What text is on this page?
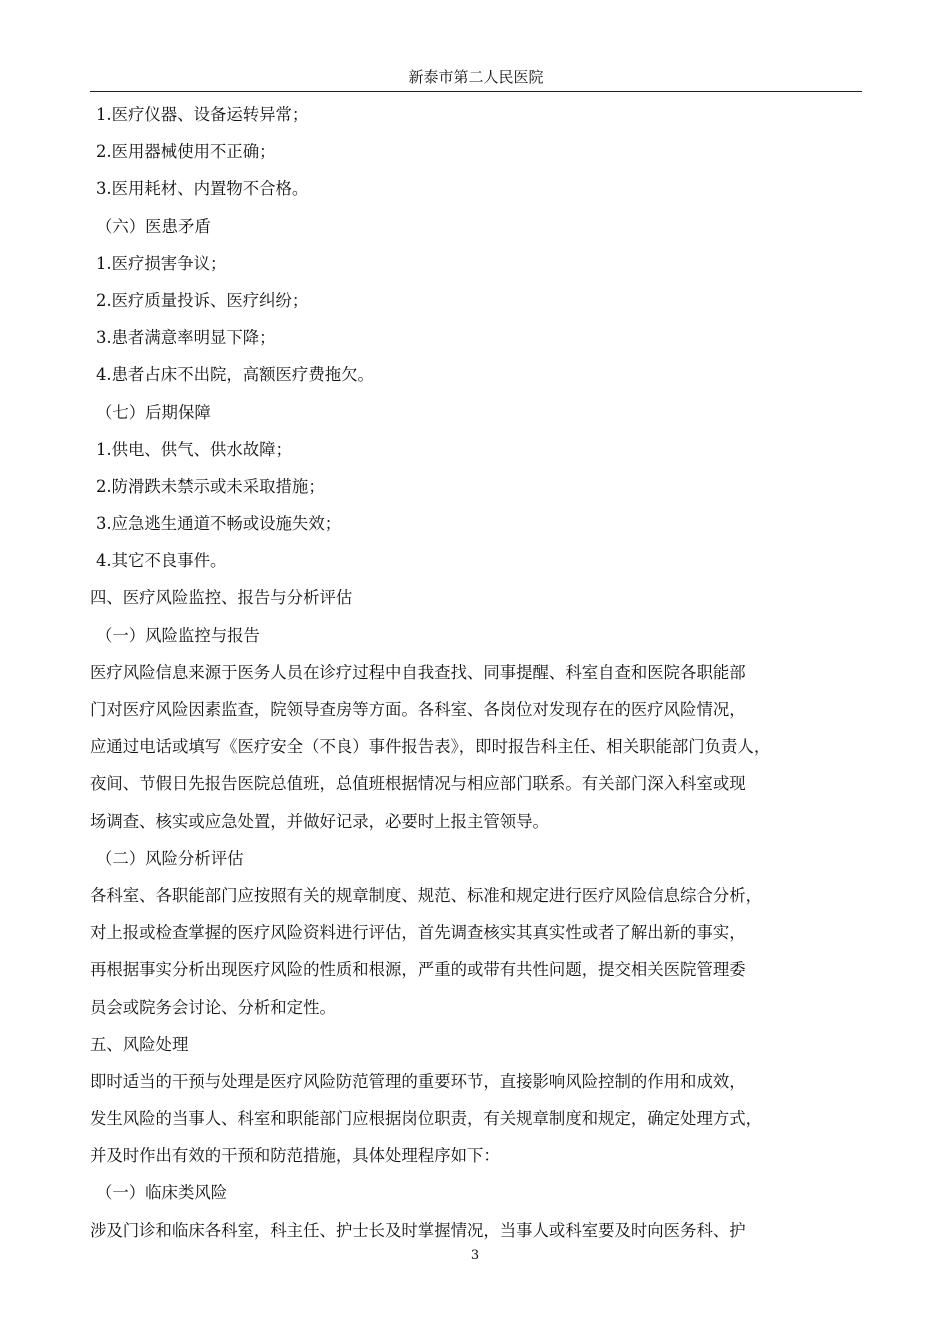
新泰市第二人民医院
1.医疗仪器、设备运转异常；
2.医用器械使用不正确；
3.医用耗材、内置物不合格。
（六）医患矛盾
1.医疗损害争议；
2.医疗质量投诉、医疗纠纷；
3.患者满意率明显下降；
4.患者占床不出院，高额医疗费拖欠。
（七）后期保障
1.供电、供气、供水故障；
2.防滑跌未禁示或未采取措施；
3.应急逃生通道不畅或设施失效；
4.其它不良事件。
四、医疗风险监控、报告与分析评估
（一）风险监控与报告
医疗风险信息来源于医务人员在诊疗过程中自我查找、同事提醒、科室自查和医院各职能部
门对医疗风险因素监查，院领导查房等方面。各科室、各岗位对发现存在的医疗风险情况，
应通过电话或填写《医疗安全（不良）事件报告表》，即时报告科主任、相关职能部门负责人，
夜间、节假日先报告医院总值班，总值班根据情况与相应部门联系。有关部门深入科室或现
场调查、核实或应急处置，并做好记录，必要时上报主管领导。
（二）风险分析评估
各科室、各职能部门应按照有关的规章制度、规范、标准和规定进行医疗风险信息综合分析，
对上报或检查掌握的医疗风险资料进行评估，首先调查核实其真实性或者了解出新的事实，
再根据事实分析出现医疗风险的性质和根源，严重的或带有共性问题，提交相关医院管理委
员会或院务会讨论、分析和定性。
五、风险处理
即时适当的干预与处理是医疗风险防范管理的重要环节，直接影响风险控制的作用和成效，
发生风险的当事人、科室和职能部门应根据岗位职责，有关规章制度和规定，确定处理方式，
并及时作出有效的干预和防范措施，具体处理程序如下：
（一）临床类风险
涉及门诊和临床各科室，科主任、护士长及时掌握情况，当事人或科室要及时向医务科、护
3
